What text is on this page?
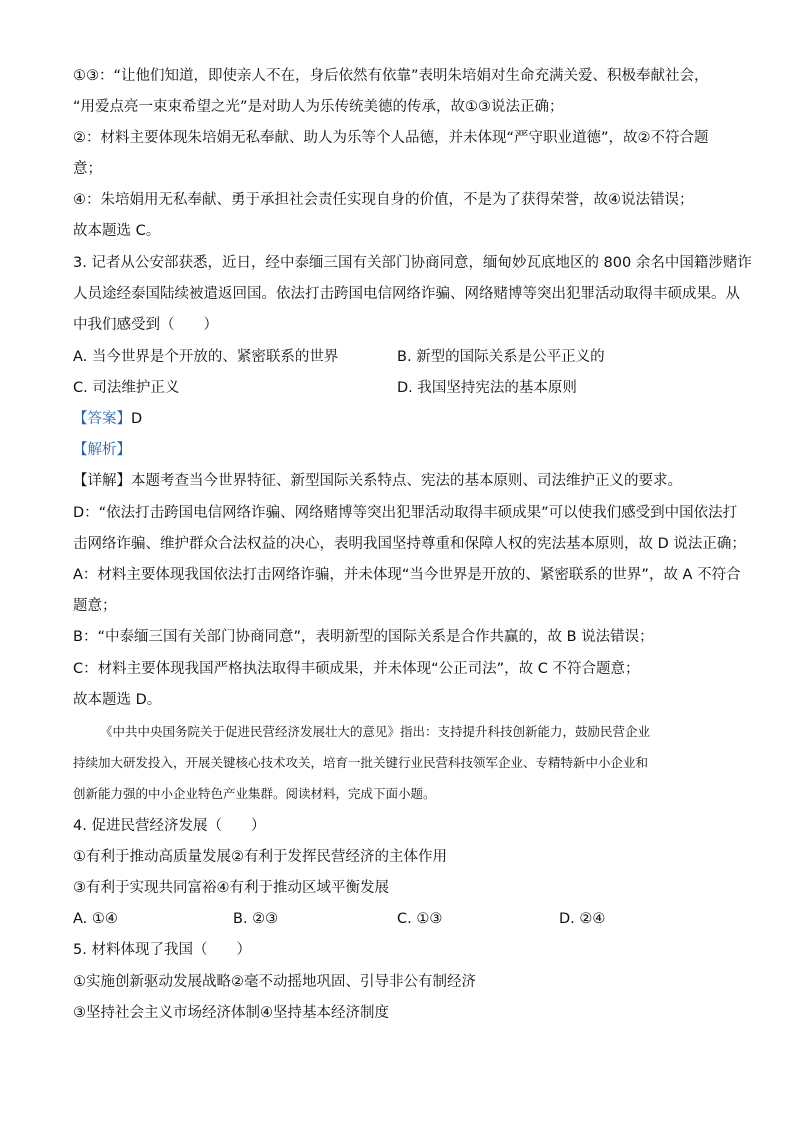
①③：“让他们知道，即使亲人不在，身后依然有依靠”表明朱培娟对生命充满关爱、积极奉献社会，
“用爱点亮一束束希望之光”是对助人为乐传统美德的传承，故①③说法正确；
②：材料主要体现朱培娟无私奉献、助人为乐等个人品德，并未体现“严守职业道德”，故②不符合题
意；
④：朱培娟用无私奉献、勇于承担社会责任实现自身的价值，不是为了获得荣誉，故④说法错误；
故本题选 C。
3. 记者从公安部获悉，近日，经中泰缅三国有关部门协商同意，缅甸妙瓦底地区的 800 余名中国籍涉赌诈
人员途经泰国陆续被遣返回国。依法打击跨国电信网络诈骗、网络赌博等突出犯罪活动取得丰硕成果。从
中我们感受到（　　）
A. 当今世界是个开放的、紧密联系的世界	B. 新型的国际关系是公平正义的
C. 司法维护正义	D. 我国坚持宪法的基本原则
【答案】D
【解析】
【详解】本题考查当今世界特征、新型国际关系特点、宪法的基本原则、司法维护正义的要求。
D：“依法打击跨国电信网络诈骗、网络赌博等突出犯罪活动取得丰硕成果”可以使我们感受到中国依法打
击网络诈骗、维护群众合法权益的决心，表明我国坚持尊重和保障人权的宪法基本原则，故 D 说法正确；
A：材料主要体现我国依法打击网络诈骗，并未体现“当今世界是开放的、紧密联系的世界”，故 A 不符合
题意；
B：“中泰缅三国有关部门协商同意”，表明新型的国际关系是合作共赢的，故 B 说法错误；
C：材料主要体现我国严格执法取得丰硕成果，并未体现“公正司法”，故 C 不符合题意；
故本题选 D。
《中共中央国务院关于促进民营经济发展壮大的意见》指出：支持提升科技创新能力，鼓励民营企业
持续加大研发投入，开展关键核心技术攻关，培育一批关键行业民营科技领军企业、专精特新中小企业和
创新能力强的中小企业特色产业集群。阅读材料，完成下面小题。
4. 促进民营经济发展（　　）
①有利于推动高质量发展②有利于发挥民营经济的主体作用
③有利于实现共同富裕④有利于推动区域平衡发展
A. ①④	B. ②③	C. ①③	D. ②④
5. 材料体现了我国（　　）
①实施创新驱动发展战略②毫不动摇地巩固、引导非公有制经济
③坚持社会主义市场经济体制④坚持基本经济制度
